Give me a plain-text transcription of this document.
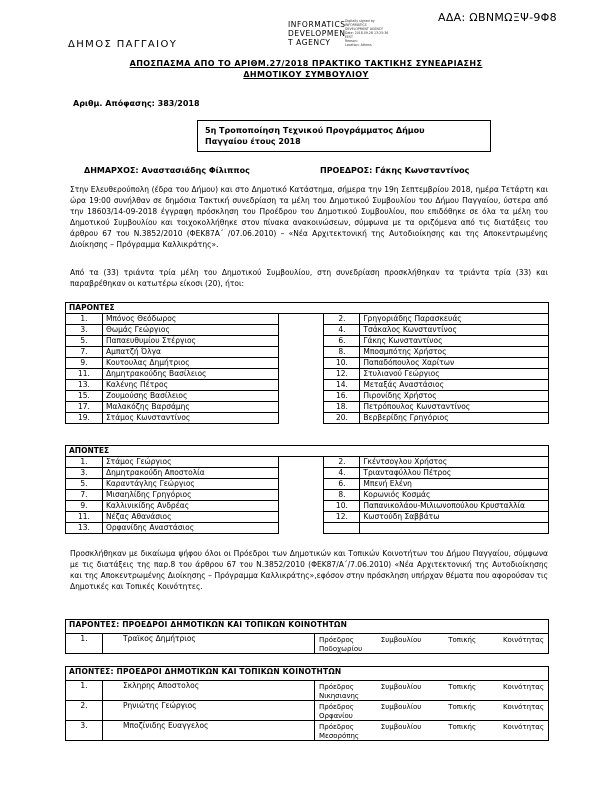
ΑΔΑ: ΩΒΝΜΩΞΨ-9Φ8
INFORMATICS
DEVELOPMEN
T AGENCY
Digitally signed by
INFORMATICS
DEVELOPMENT AGENCY
Date: 2018.09.28 13:25:36
EEST
Reason:
Location: Athens
ΔΗΜΟΣ ΠΑΓΓΑΙΟΥ
ΑΠΟΣΠΑΣΜΑ ΑΠΟ ΤΟ ΑΡΙΘΜ.27/2018 ΠΡΑΚΤΙΚΟ ΤΑΚΤΙΚΗΣ ΣΥΝΕΔΡΙΑΣΗΣ
ΔΗΜΟΤΙΚΟΥ ΣΥΜΒΟΥΛΙΟΥ
Αριθμ. Απόφασης: 383/2018
5η Τροποποίηση Τεχνικού Προγράμματος Δήμου
Παγγαίου έτους 2018
ΔΗΜΑΡΧΟΣ: Αναστασιάδης Φίλιππος	ΠΡΟΕΔΡΟΣ: Γάκης Κωνσταντίνος
Στην Ελευθερούπολη (έδρα του Δήμου) και στο Δημοτικό Κατάστημα, σήμερα την 19η Σεπτεμβρίου 2018, ημέρα Τετάρτη και ώρα 19:00 συνήλθαν σε δημόσια Τακτική συνεδρίαση τα μέλη του Δημοτικού Συμβουλίου του Δήμου Παγγαίου, ύστερα από την 18603/14-09-2018 έγγραφη πρόσκληση του Προέδρου του Δημοτικού Συμβουλίου, που επιδόθηκε σε όλα τα μέλη του Δημοτικού Συμβουλίου και τοιχοκολλήθηκε στον πίνακα ανακοινώσεων, σύμφωνα με τα οριζόμενα από τις διατάξεις του άρθρου 67 του Ν.3852/2010 (ΦΕΚ87Α΄ /07.06.2010) – «Νέα Αρχιτεκτονική της Αυτοδιοίκησης και της Αποκεντρωμένης Διοίκησης – Πρόγραμμα Καλλικράτης».
Από τα (33) τριάντα τρία μέλη του Δημοτικού Συμβουλίου, στη συνεδρίαση προσκλήθηκαν τα τριάντα τρία (33) και παραβρέθηκαν οι κατωτέρω είκοσι (20), ήτοι:
ΠΑΡΟΝΤΕΣ				
1.	Μπόνος Θεόδωρος		2.	Γρηγοριάδης Παρασκευάς
3.	Θωμάς Γεώργιος		4.	Τσάκαλος Κωνσταντίνος
5.	Παπαευθυμίου Στέργιος		6.	Γάκης Κωνσταντίνος
7.	Αμπατζή Όλγα		8.	Μποσμπότης Χρήστος
9.	Κουτουλας Δημήτριος		10.	Παπαδόπουλος Χαρίτων
11.	Δημητρακούδης Βασίλειος		12.	Στυλιανού Γεώργιος
13.	Καλένης Πέτρος		14.	Μεταξάς Αναστάσιος
15.	Ζουμούσης Βασίλειος		16.	Πιρονίδης Χρήστος
17.	Μαλακόζης Βαρσάμης		18.	Πετρόπουλος Κωνσταντίνος
19.	Στάμος Κωνσταντίνος		20.	Βερβερίδης Γρηγόριος
ΑΠΟΝΤΕΣ				
1.	Στάμος Γεώργιος		2.	Γκέντσογλου Χρήστος
3.	Δημητρακούδη Αποστολία		4.	Τριανταφύλλου Πέτρος
5.	Καραντάγλης Γεώργιος		6.	Μπενή Ελένη
7.	Μισαηλίδης Γρηγόριος		8.	Κορωνιός Κοσμάς
9.	Καλλινικίδης Ανδρέας		10.	Παπανικολάου-Μιλιωνοπούλου Κρυσταλλία
11.	Νέζας Αθανάσιος		12.	Κωστούδη Σαββάτω
13.	Ορφανίδης Αναστάσιος			
Προσκλήθηκαν με δικαίωμα ψήφου όλοι οι Πρόεδροι των Δημοτικών και Τοπικών Κοινοτήτων του Δήμου Παγγαίου, σύμφωνα με τις διατάξεις της παρ.8 του άρθρου 67 του Ν.3852/2010 (ΦΕΚ87/Α΄/7.06.2010) «Νέα Αρχιτεκτονική της Αυτοδιοίκησης και της Αποκεντρωμένης Διοίκησης – Πρόγραμμα Καλλικράτης»,εφόσον στην πρόσκληση υπήρχαν θέματα που αφορούσαν τις Δημοτικές και Τοπικές Κοινότητες.
ΠΑΡΟΝΤΕΣ: ΠΡΟΕΔΡΟΙ ΔΗΜΟΤΙΚΩΝ ΚΑΙ ΤΟΠΙΚΩΝ ΚΟΙΝΟΤΗΤΩΝ
1.	Τραϊκος Δημήτριος	Πρόεδρος	Συμβουλίου	Τοπικής	Κοινότητας
Ποδοχωρίου
ΑΠΟΝΤΕΣ: ΠΡΟΕΔΡΟΙ ΔΗΜΟΤΙΚΩΝ ΚΑΙ ΤΟΠΙΚΩΝ ΚΟΙΝΟΤΗΤΩΝ		
1.	Σκληρης Αποστολος	Πρόεδρος Συμβουλίου Τοπικής Κοινότητας
Νικησιανης

2.	Ρηνιώτης Γεώργιος	Πρόεδρος Συμβουλίου Τοπικής Κοινότητας
Ορφανίου

3.	Μποζίνιδης Ευαγγελος	Πρόεδρος Συμβουλίου Τοπικής Κοινότητας
Μεσορόπης
